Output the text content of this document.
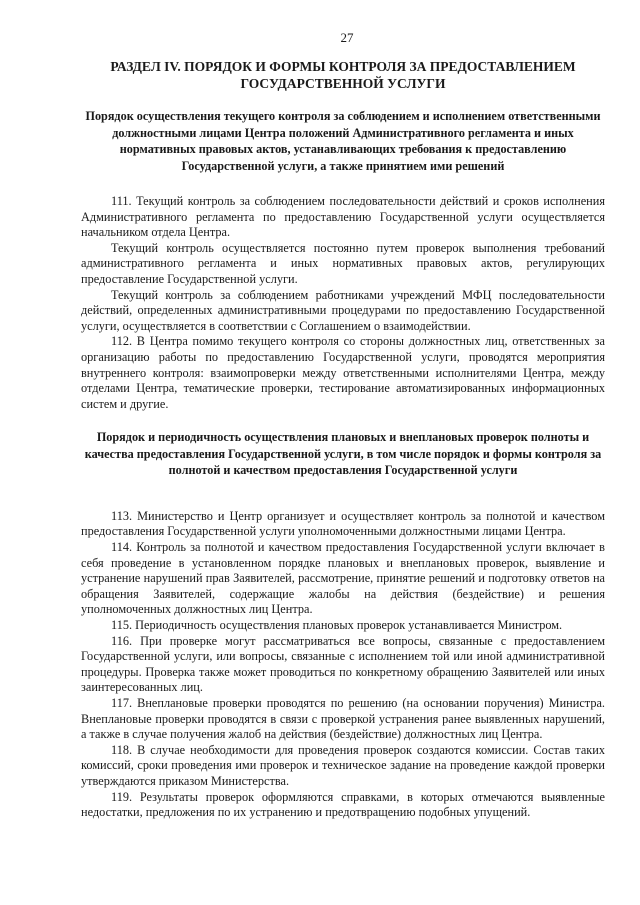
27
РАЗДЕЛ IV. ПОРЯДОК И ФОРМЫ КОНТРОЛЯ ЗА ПРЕДОСТАВЛЕНИЕМ ГОСУДАРСТВЕННОЙ УСЛУГИ
Порядок осуществления текущего контроля за соблюдением и исполнением ответственными должностными лицами Центра положений Административного регламента и иных нормативных правовых актов, устанавливающих требования к предоставлению Государственной услуги, а также принятием ими решений

111. Текущий контроль за соблюдением последовательности действий и сроков исполнения Административного регламента по предоставлению Государственной услуги осуществляется начальником отдела Центра.

Текущий контроль осуществляется постоянно путем проверок выполнения требований административного регламента и иных нормативных правовых актов, регулирующих предоставление Государственной услуги.

Текущий контроль за соблюдением работниками учреждений МФЦ последовательности действий, определенных административными процедурами по предоставлению Государственной услуги, осуществляется в соответствии с Соглашением о взаимодействии.

112. В Центра помимо текущего контроля со стороны должностных лиц, ответственных за организацию работы по предоставлению Государственной услуги, проводятся мероприятия внутреннего контроля: взаимопроверки между ответственными исполнителями Центра, между отделами Центра, тематические проверки, тестирование автоматизированных информационных систем и другие.

Порядок и периодичность осуществления плановых и внеплановых проверок полноты и качества предоставления Государственной услуги, в том числе порядок и формы контроля за полнотой и качеством предоставления Государственной услуги

113. Министерство и Центр организует и осуществляет контроль за полнотой и качеством предоставления Государственной услуги уполномоченными должностными лицами Центра.

114. Контроль за полнотой и качеством предоставления Государственной услуги включает в себя проведение в установленном порядке плановых и внеплановых проверок, выявление и устранение нарушений прав Заявителей, рассмотрение, принятие решений и подготовку ответов на обращения Заявителей, содержащие жалобы на действия (бездействие) и решения уполномоченных должностных лиц Центра.

115. Периодичность осуществления плановых проверок устанавливается Министром.

116. При проверке могут рассматриваться все вопросы, связанные с предоставлением Государственной услуги, или вопросы, связанные с исполнением той или иной административной процедуры. Проверка также может проводиться по конкретному обращению Заявителей или иных заинтересованных лиц.

117. Внеплановые проверки проводятся по решению (на основании поручения) Министра. Внеплановые проверки проводятся в связи с проверкой устранения ранее выявленных нарушений, а также в случае получения жалоб на действия (бездействие) должностных лиц Центра.

118. В случае необходимости для проведения проверок создаются комиссии. Состав таких комиссий, сроки проведения ими проверок и техническое задание на проведение каждой проверки утверждаются приказом Министерства.

119. Результаты проверок оформляются справками, в которых отмечаются выявленные недостатки, предложения по их устранению и предотвращению подобных упущений.
